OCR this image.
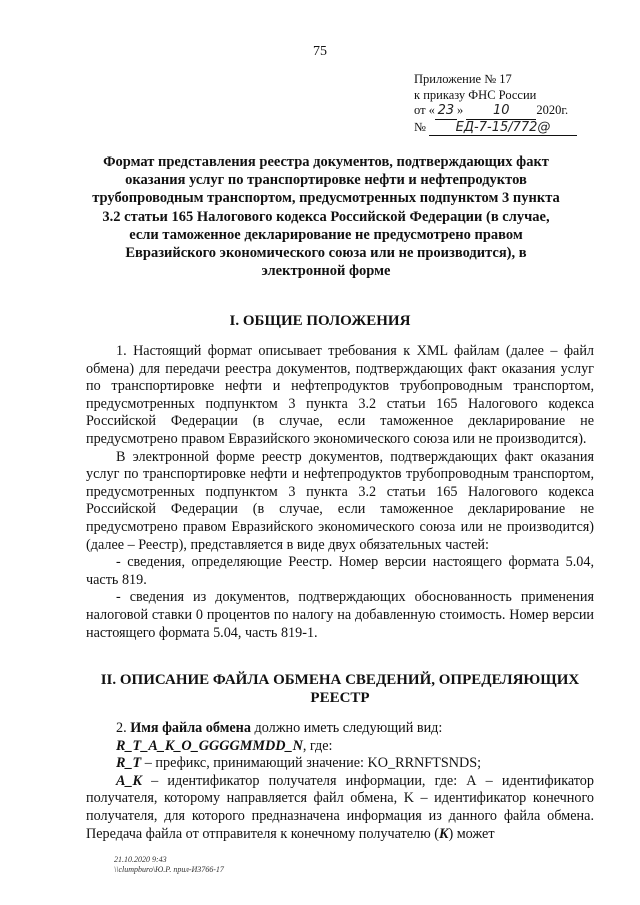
75
Приложение № 17
к приказу ФНС России
от « 23 » 10 2020г.
№ ЕД-7-15/772@
Формат представления реестра документов, подтверждающих факт оказания услуг по транспортировке нефти и нефтепродуктов трубопроводным транспортом, предусмотренных подпунктом 3 пункта 3.2 статьи 165 Налогового кодекса Российской Федерации (в случае, если таможенное декларирование не предусмотрено правом Евразийского экономического союза или не производится), в электронной форме
I. ОБЩИЕ ПОЛОЖЕНИЯ

1. Настоящий формат описывает требования к XML файлам (далее – файл обмена) для передачи реестра документов, подтверждающих факт оказания услуг по транспортировке нефти и нефтепродуктов трубопроводным транспортом, предусмотренных подпунктом 3 пункта 3.2 статьи 165 Налогового кодекса Российской Федерации (в случае, если таможенное декларирование не предусмотрено правом Евразийского экономического союза или не производится).

В электронной форме реестр документов, подтверждающих факт оказания услуг по транспортировке нефти и нефтепродуктов трубопроводным транспортом, предусмотренных подпунктом 3 пункта 3.2 статьи 165 Налогового кодекса Российской Федерации (в случае, если таможенное декларирование не предусмотрено правом Евразийского экономического союза или не производится) (далее – Реестр), представляется в виде двух обязательных частей:

- сведения, определяющие Реестр. Номер версии настоящего формата 5.04, часть 819.

- сведения из документов, подтверждающих обоснованность применения налоговой ставки 0 процентов по налогу на добавленную стоимость. Номер версии настоящего формата 5.04, часть 819-1.

II. ОПИСАНИЕ ФАЙЛА ОБМЕНА СВЕДЕНИЙ, ОПРЕДЕЛЯЮЩИХ РЕЕСТР

2. Имя файла обмена должно иметь следующий вид:

R_T_A_K_O_GGGGMMDD_N, где:

R_T – префикс, принимающий значение: KO_RRNFTSNDS;

A_K – идентификатор получателя информации, где: А – идентификатор получателя, которому направляется файл обмена, K – идентификатор конечного получателя, для которого предназначена информация из данного файла обмена. Передача файла от отправителя к конечному получателю (K) может

21.10.2020 9:43
\\clumpburo\Ю.Р. прил-ИЗ766-17
